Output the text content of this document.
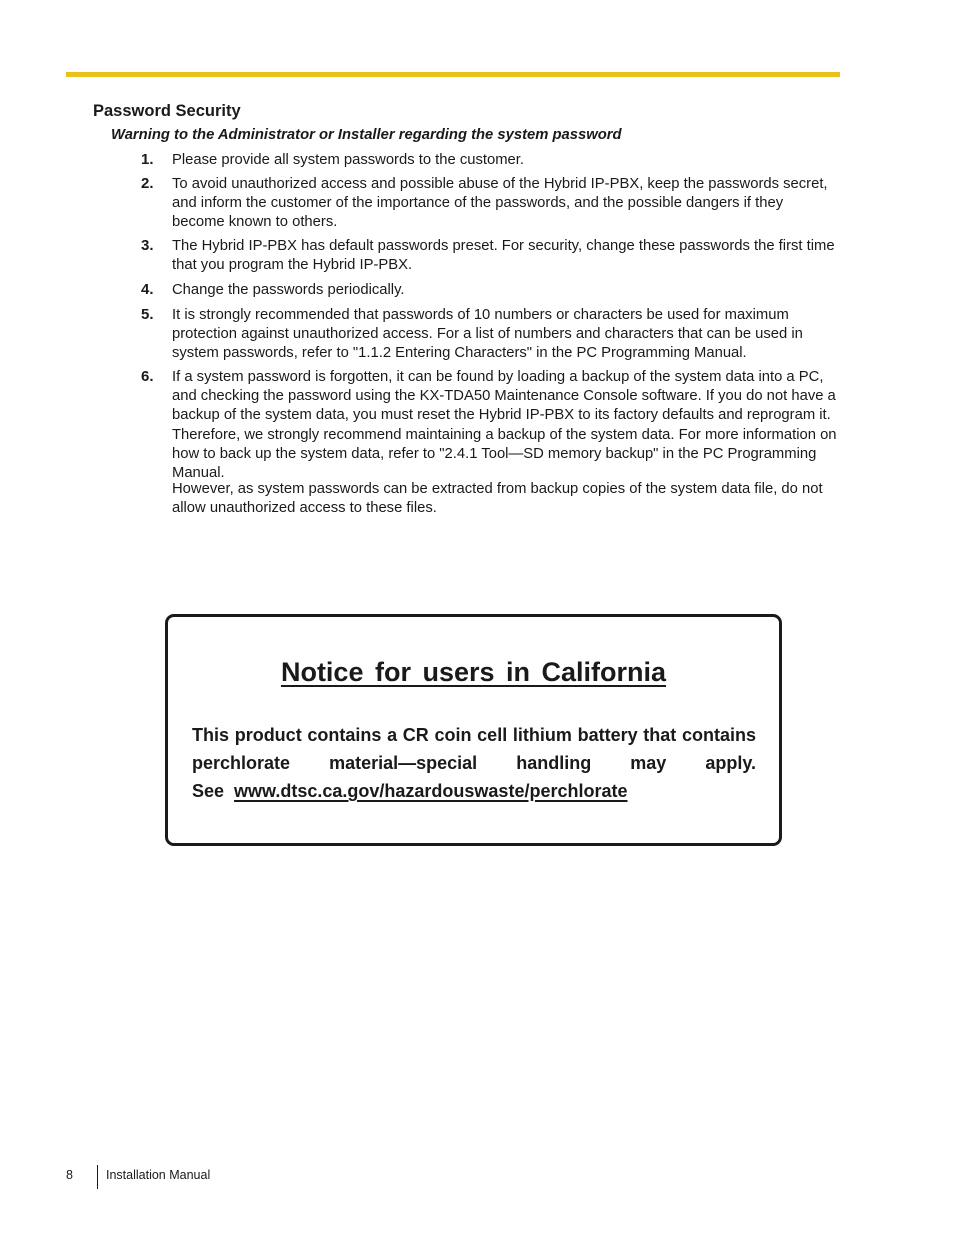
Password Security
Warning to the Administrator or Installer regarding the system password
1. Please provide all system passwords to the customer.

2. To avoid unauthorized access and possible abuse of the Hybrid IP-PBX, keep the passwords secret, and inform the customer of the importance of the passwords, and the possible dangers if they become known to others.

3. The Hybrid IP-PBX has default passwords preset. For security, change these passwords the first time that you program the Hybrid IP-PBX.

4. Change the passwords periodically.

5. It is strongly recommended that passwords of 10 numbers or characters be used for maximum protection against unauthorized access. For a list of numbers and characters that can be used in system passwords, refer to "1.1.2 Entering Characters" in the PC Programming Manual.

6. If a system password is forgotten, it can be found by loading a backup of the system data into a PC, and checking the password using the KX-TDA50 Maintenance Console software. If you do not have a backup of the system data, you must reset the Hybrid IP-PBX to its factory defaults and reprogram it. Therefore, we strongly recommend maintaining a backup of the system data. For more information on how to back up the system data, refer to "2.4.1 Tool—SD memory backup" in the PC Programming Manual.

However, as system passwords can be extracted from backup copies of the system data file, do not allow unauthorized access to these files.

Notice for users in California

This product contains a CR coin cell lithium battery that contains perchlorate material—special handling may apply. See www.dtsc.ca.gov/hazardouswaste/perchlorate

8	Installation Manual
